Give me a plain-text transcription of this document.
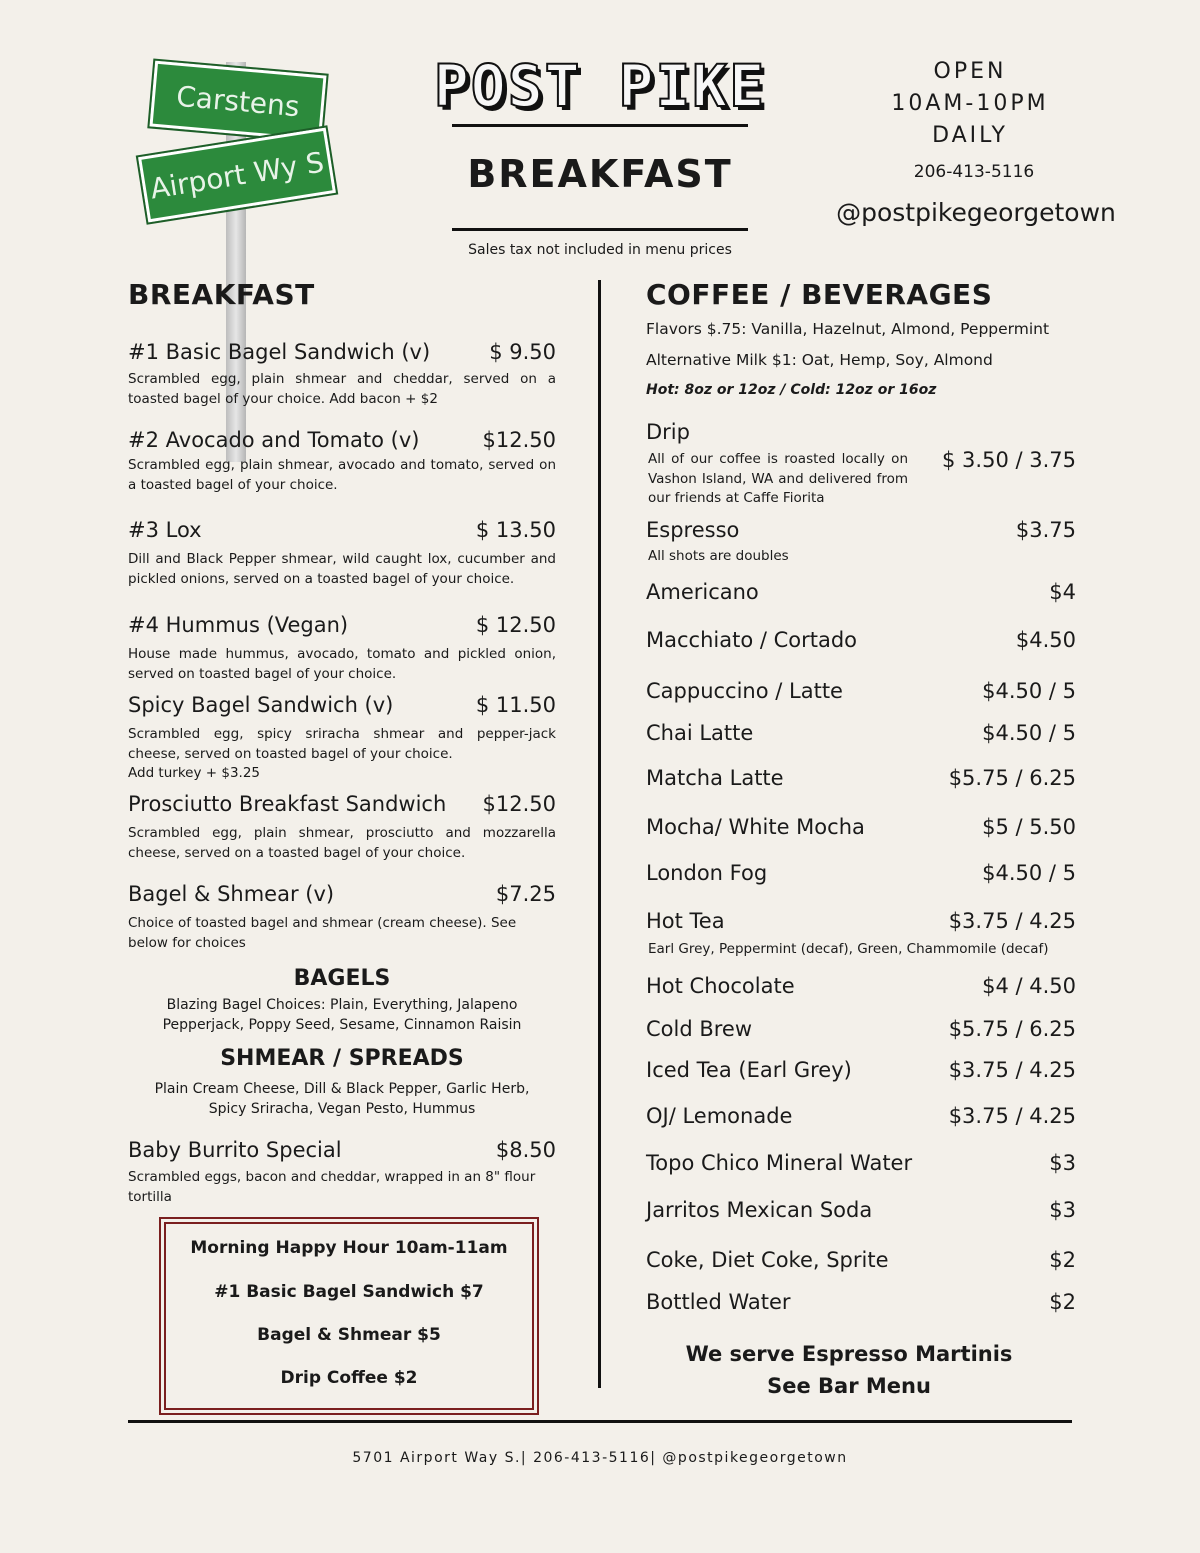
Carstens
Airport Wy S
POST PIKE
BREAKFAST
Sales tax not included in menu prices
OPEN
10AM-10PM
DAILY
206-413-5116
@postpikegeorgetown
BREAKFAST
#1 Basic Bagel Sandwich (v)	$ 9.50
Scrambled egg, plain shmear and cheddar, served on a toasted bagel of your choice. Add bacon + $2
#2 Avocado and Tomato (v)	$12.50
Scrambled egg, plain shmear, avocado and tomato, served on a toasted bagel of your choice.
#3 Lox	$ 13.50
Dill and Black Pepper shmear, wild caught lox, cucumber and pickled onions, served on a toasted bagel of your choice.
#4 Hummus (Vegan)	$ 12.50
House made hummus, avocado, tomato and pickled onion, served on toasted bagel of your choice.
Spicy Bagel Sandwich (v)	$ 11.50
Scrambled egg, spicy sriracha shmear and pepper-jack cheese, served on toasted bagel of your choice.
Add turkey + $3.25
Prosciutto Breakfast Sandwich $12.50
Scrambled egg, plain shmear, prosciutto and mozzarella cheese, served on a toasted bagel of your choice.
Bagel & Shmear (v)	$7.25
Choice of toasted bagel and shmear (cream cheese). See below for choices
BAGELS
Blazing Bagel Choices: Plain, Everything, Jalapeno Pepperjack, Poppy Seed, Sesame, Cinnamon Raisin
SHMEAR / SPREADS
Plain Cream Cheese, Dill & Black Pepper, Garlic Herb, Spicy Sriracha, Vegan Pesto, Hummus
Baby Burrito Special	$8.50
Scrambled eggs, bacon and cheddar, wrapped in an 8" flour tortilla
Morning Happy Hour 10am-11am
#1 Basic Bagel Sandwich $7
Bagel & Shmear $5
Drip Coffee $2
COFFEE / BEVERAGES
Flavors $.75: Vanilla, Hazelnut, Almond, Peppermint
Alternative Milk $1: Oat, Hemp, Soy, Almond
Hot: 8oz or 12oz / Cold: 12oz or 16oz
Drip
All of our coffee is roasted locally on Vashon Island, WA and delivered from our friends at Caffe Fiorita
$ 3.50 / 3.75
Espresso	$3.75
All shots are doubles
Americano	$4
Macchiato / Cortado	$4.50
Cappuccino / Latte	$4.50 / 5
Chai Latte	$4.50 / 5
Matcha Latte	$5.75 / 6.25
Mocha/ White Mocha	$5 / 5.50
London Fog	$4.50 / 5
Hot Tea	$3.75 / 4.25
Earl Grey, Peppermint (decaf), Green, Chammomile (decaf)
Hot Chocolate	$4 / 4.50
Cold Brew	$5.75 / 6.25
Iced Tea (Earl Grey)	$3.75 / 4.25
OJ/ Lemonade	$3.75 / 4.25
Topo Chico Mineral Water	$3
Jarritos Mexican Soda	$3
Coke, Diet Coke, Sprite	$2
Bottled Water	$2
We serve Espresso Martinis
See Bar Menu
5701 Airport Way S.| 206-413-5116| @postpikegeorgetown
